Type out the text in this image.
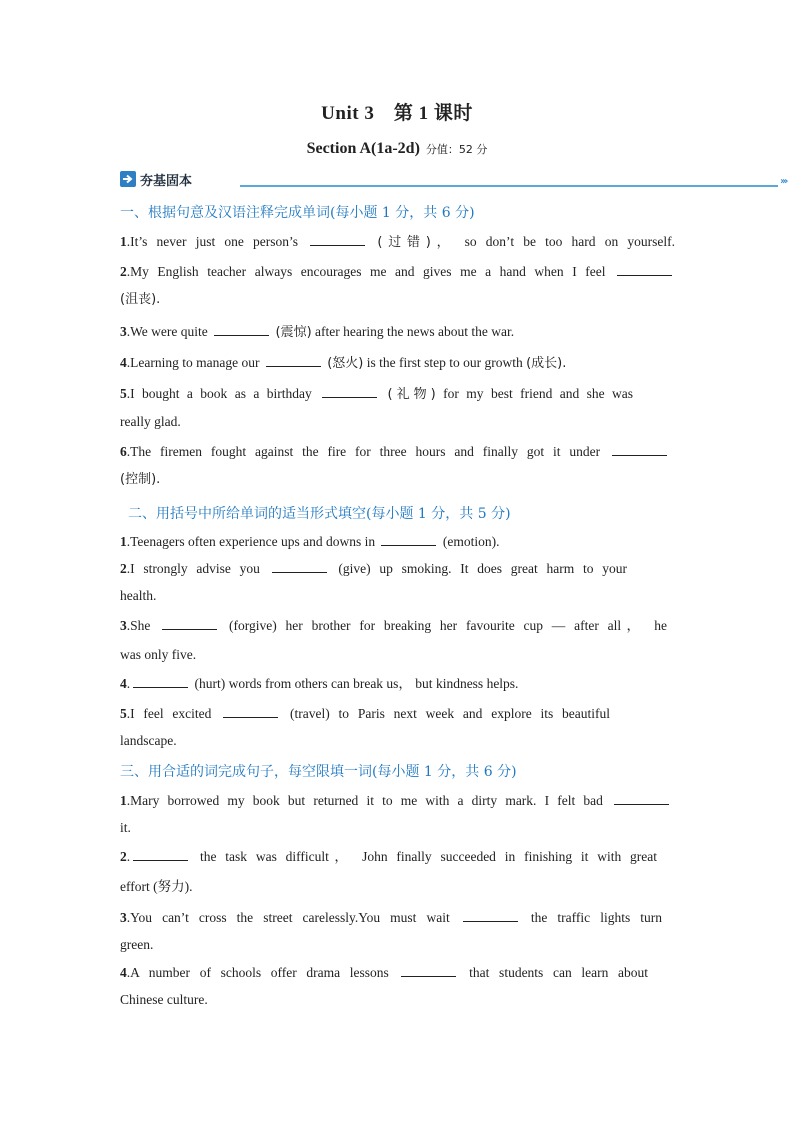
Unit 3　第 1 课时
Section A(1a-2d) 分值：52 分
夯基固本	›››
一、根据句意及汉语注释完成单词(每小题 1 分，共 6 分)
1.It’s never just one person’s	(过错)， so don’t be too hard on yourself.
2.My English teacher always encourages me and gives me a hand when I feel
(沮丧).
3.We were quite	(震惊) after hearing the news about the war.
4.Learning to manage our	(怒火) is the first step to our growth (成长).
5.I bought a book as a birthday	(礼物) for my best friend and she was
really glad.
6.The firemen fought against the fire for three hours and finally got it under
(控制).
二、用括号中所给单词的适当形式填空(每小题 1 分，共 5 分)
1.Teenagers often experience ups and downs in	(emotion).
2.I strongly advise you	(give) up smoking. It does great harm to your
health.
3.She	(forgive) her brother for breaking her favourite cup — after all， he
was only five.
4.	(hurt) words from others can break us， but kindness helps.
5.I feel excited	(travel) to Paris next week and explore its beautiful
landscape.
三、用合适的词完成句子，每空限填一词(每小题 1 分，共 6 分)
1.Mary borrowed my book but returned it to me with a dirty mark. I felt bad
it.
2.	the task was difficult， John finally succeeded in finishing it with great
effort (努力).
3.You can’t cross the street carelessly.You must wait	the traffic lights turn
green.
4.A number of schools offer drama lessons	that students can learn about
Chinese culture.
